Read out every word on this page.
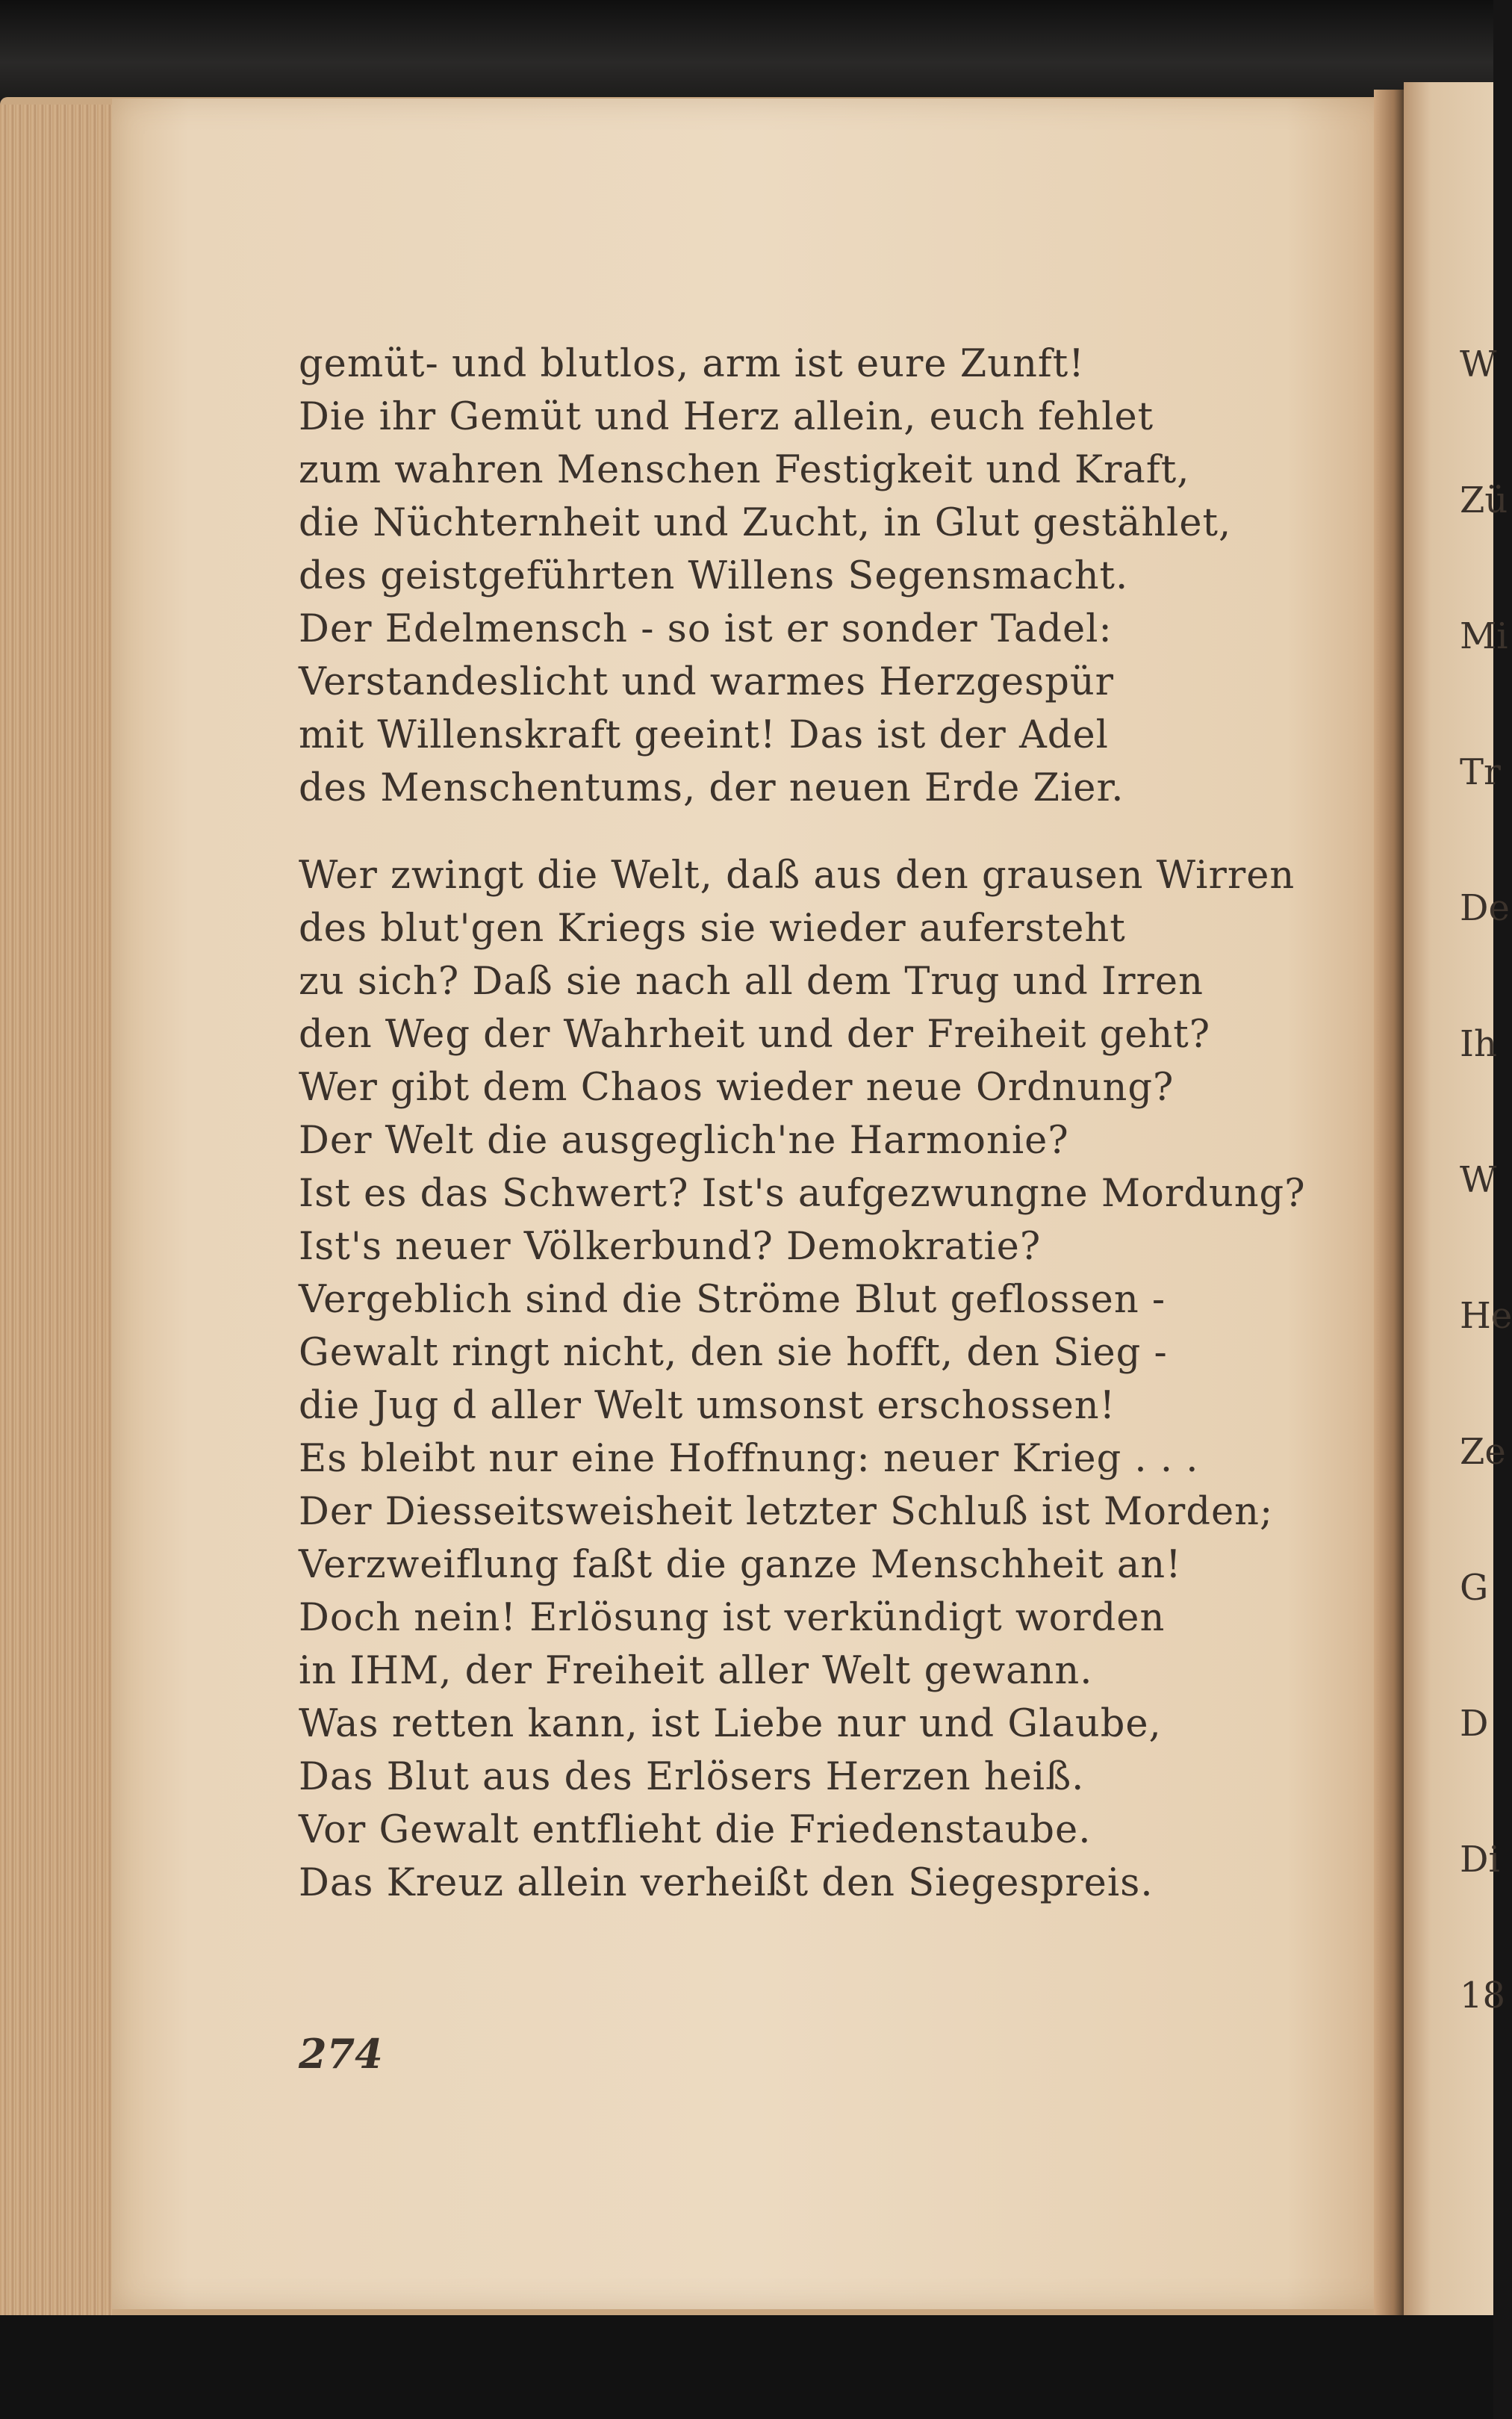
gemüt- und blutlos, arm ist eure Zunft!
Die ihr Gemüt und Herz allein, euch fehlet
zum wahren Menschen Festigkeit und Kraft,
die Nüchternheit und Zucht, in Glut gestählet,
des geistgeführten Willens Segensmacht.
Der Edelmensch - so ist er sonder Tadel:
Verstandeslicht und warmes Herzgespür
mit Willenskraft geeint! Das ist der Adel
des Menschentums, der neuen Erde Zier.
Wer zwingt die Welt, daß aus den grausen Wirren
des blut'gen Kriegs sie wieder aufersteht
zu sich? Daß sie nach all dem Trug und Irren
den Weg der Wahrheit und der Freiheit geht?
Wer gibt dem Chaos wieder neue Ordnung?
Der Welt die ausgeglich'ne Harmonie?
Ist es das Schwert? Ist's aufgezwungne Mordung?
Ist's neuer Völkerbund? Demokratie?
Vergeblich sind die Ströme Blut geflossen -
Gewalt ringt nicht, den sie hofft, den Sieg -
die Jug d aller Welt umsonst erschossen!
Es bleibt nur eine Hoffnung: neuer Krieg . . .
Der Diesseitsweisheit letzter Schluß ist Morden;
Verzweiflung faßt die ganze Menschheit an!
Doch nein! Erlösung ist verkündigt worden
in IHM, der Freiheit aller Welt gewann.
Was retten kann, ist Liebe nur und Glaube,
Das Blut aus des Erlösers Herzen heiß.
Vor Gewalt entflieht die Friedenstaube.
Das Kreuz allein verheißt den Siegespreis.
274
W
Zü
Mi
Tr
De
Ih
W
He
Ze
G
D
Di
18
